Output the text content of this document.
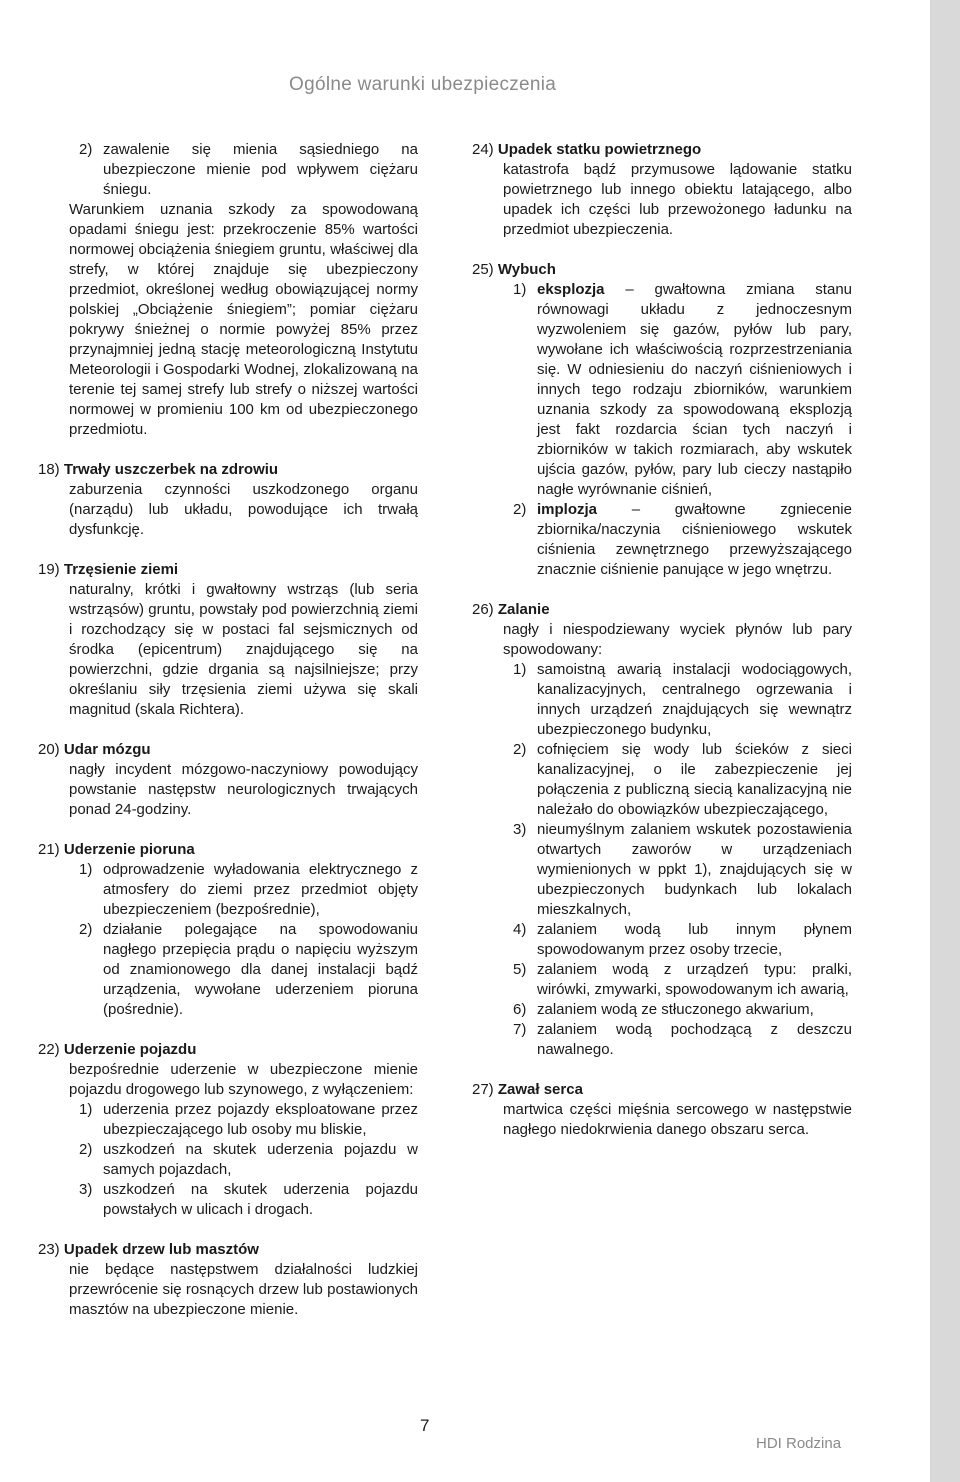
Ogólne warunki ubezpieczenia
2) zawalenie się mienia sąsiedniego na ubezpieczone mienie pod wpływem ciężaru śniegu.
Warunkiem uznania szkody za spowodowaną opadami śniegu jest: przekroczenie 85% wartości normowej obciążenia śniegiem gruntu, właściwej dla strefy, w której znajduje się ubezpieczony przedmiot, określonej według obowiązującej normy polskiej „Obciążenie śniegiem”; pomiar ciężaru pokrywy śnieżnej o normie powyżej 85% przez przynajmniej jedną stację meteorologiczną Instytutu Meteorologii i Gospodarki Wodnej, zlokalizowaną na terenie tej samej strefy lub strefy o niższej wartości normowej w promieniu 100 km od ubezpieczonego przedmiotu.
18)
Trwały uszczerbek na zdrowiu
zaburzenia czynności uszkodzonego organu (narządu) lub układu, powodujące ich trwałą dysfunkcję.
19)
Trzęsienie ziemi
naturalny, krótki i gwałtowny wstrząs (lub seria wstrząsów) gruntu, powstały pod powierzchnią ziemi i rozchodzący się w postaci fal sejsmicznych od środka (epicentrum) znajdującego się na powierzchni, gdzie drgania są najsilniejsze; przy określaniu siły trzęsienia ziemi używa się skali magnitud (skala Richtera).
20)
Udar mózgu
nagły incydent mózgowo-naczyniowy powodujący powstanie następstw neurologicznych trwających ponad 24-godziny.
21)
Uderzenie pioruna
1) odprowadzenie wyładowania elektrycznego z atmosfery do ziemi przez przedmiot objęty ubezpieczeniem (bezpośrednie),
2) działanie polegające na spowodowaniu nagłego przepięcia prądu o napięciu wyższym od znamionowego dla danej instalacji bądź urządzenia, wywołane uderzeniem pioruna (pośrednie).
22)
Uderzenie pojazdu
bezpośrednie uderzenie w ubezpieczone mienie pojazdu drogowego lub szynowego, z wyłączeniem:
1) uderzenia przez pojazdy eksploatowane przez ubezpieczającego lub osoby mu bliskie,
2) uszkodzeń na skutek uderzenia pojazdu w samych pojazdach,
3) uszkodzeń na skutek uderzenia pojazdu powstałych w ulicach i drogach.
23)
Upadek drzew lub masztów
nie będące następstwem działalności ludzkiej przewrócenie się rosnących drzew lub postawionych masztów na ubezpieczone mienie.
24)
Upadek statku powietrznego
katastrofa bądź przymusowe lądowanie statku powietrznego lub innego obiektu latającego, albo upadek ich części lub przewożonego ładunku na przedmiot ubezpieczenia.
25)
Wybuch
1) eksplozja – gwałtowna zmiana stanu równowagi układu z jednoczesnym wyzwoleniem się gazów, pyłów lub pary, wywołane ich właściwością rozprzestrzeniania się. W odniesieniu do naczyń ciśnieniowych i innych tego rodzaju zbiorników, warunkiem uznania szkody za spowodowaną eksplozją jest fakt rozdarcia ścian tych naczyń i zbiorników w takich rozmiarach, aby wskutek ujścia gazów, pyłów, pary lub cieczy nastąpiło nagłe wyrównanie ciśnień,
2) implozja – gwałtowne zgniecenie zbiornika/naczynia ciśnieniowego wskutek ciśnienia zewnętrznego przewyższającego znacznie ciśnienie panujące w jego wnętrzu.
26)
Zalanie
nagły i niespodziewany wyciek płynów lub pary spowodowany:
1) samoistną awarią instalacji wodociągowych, kanalizacyjnych, centralnego ogrzewania i innych urządzeń znajdujących się wewnątrz ubezpieczonego budynku,
2) cofnięciem się wody lub ścieków z sieci kanalizacyjnej, o ile zabezpieczenie jej połączenia z publiczną siecią kanalizacyjną nie należało do obowiązków ubezpieczającego,
3) nieumyślnym zalaniem wskutek pozostawienia otwartych zaworów w urządzeniach wymienionych w ppkt 1), znajdujących się w ubezpieczonych budynkach lub lokalach mieszkalnych,
4) zalaniem wodą lub innym płynem spowodowanym przez osoby trzecie,
5) zalaniem wodą z urządzeń typu: pralki, wirówki, zmywarki, spowodowanym ich awarią,
6) zalaniem wodą ze stłuczonego akwarium,
7) zalaniem wodą pochodzącą z deszczu nawalnego.
27)
Zawał serca
martwica części mięśnia sercowego w następstwie nagłego niedokrwienia danego obszaru serca.
7
HDI Rodzina
